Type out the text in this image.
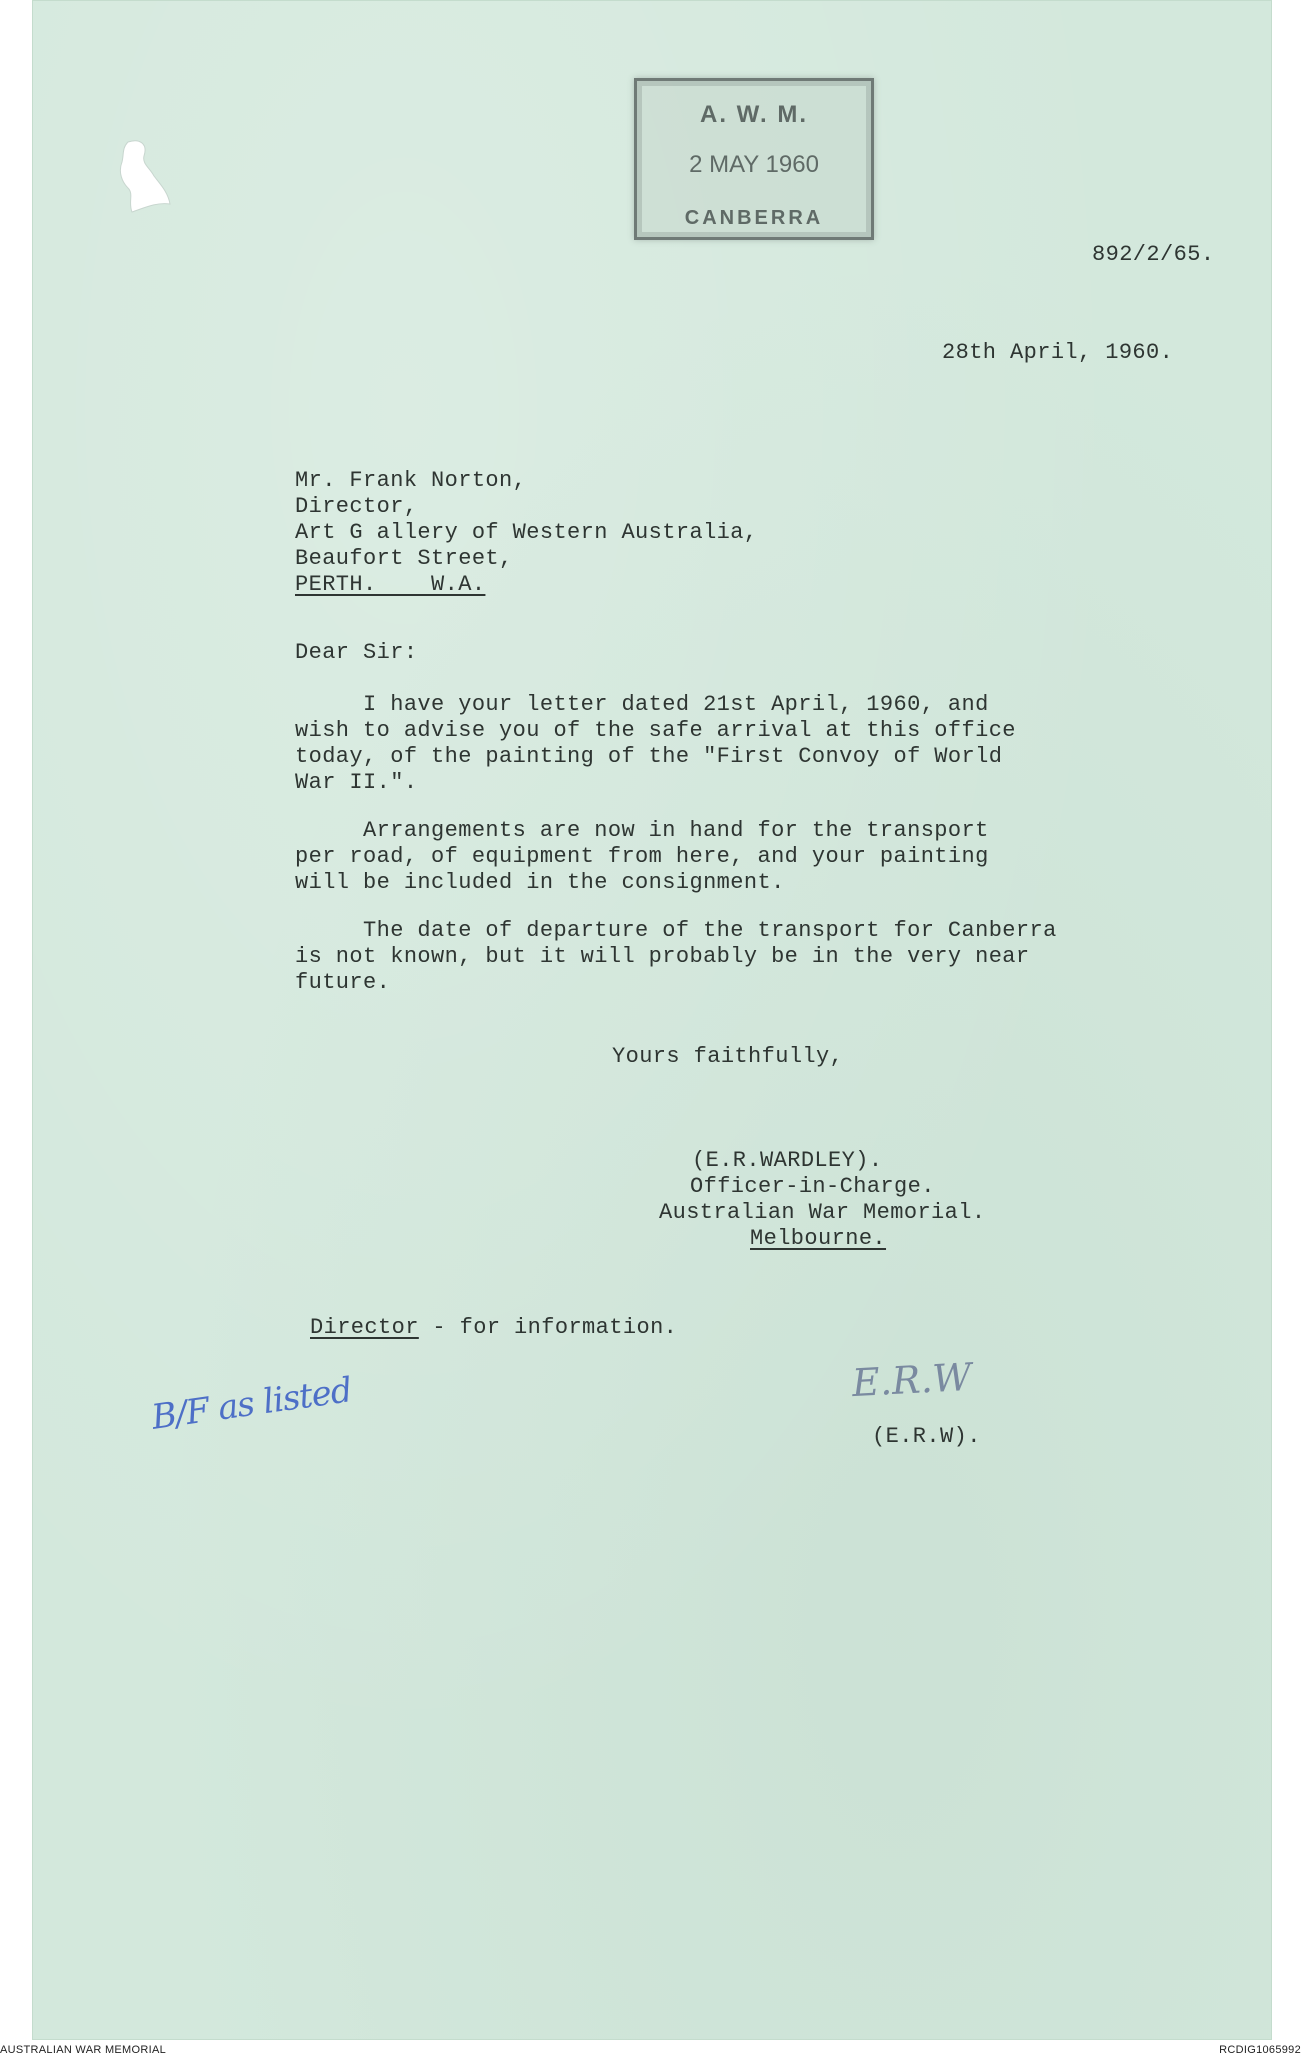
A. W. M.
2 MAY 1960
CANBERRA

892/2/65.

28th April, 1960.

Mr. Frank Norton,

Director,

Art G allery of Western Australia,

Beaufort Street,

PERTH.    W.A.

Dear Sir:

I have your letter dated 21st April, 1960, and
wish to advise you of the safe arrival at this office
today, of the painting of the "First Convoy of World
War II.".
Arrangements are now in hand for the transport
per road, of equipment from here, and your painting
will be included in the consignment.
The date of departure of the transport for Canberra
is not known, but it will probably be in the very near
future.

Yours faithfully,

(E.R.WARDLEY).

Officer-in-Charge.

Australian War Memorial.

Melbourne.

Director - for information.

E.R.W

(E.R.W).

B/F as listed
AUSTRALIAN WAR MEMORIAL	RCDIG1065992
